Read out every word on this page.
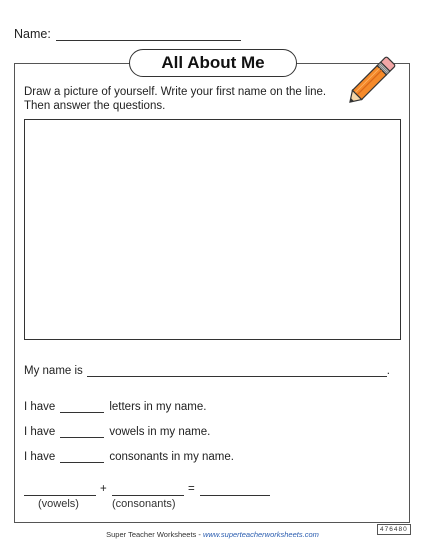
Name:
All About Me
Draw a picture of yourself. Write your first name on the line.
Then answer the questions.
My name is	.
I have	letters in my name.
I have	vowels in my name.
I have	consonants in my name.
+	=
(vowels)	(consonants)
Super Teacher Worksheets - www.superteacherworksheets.com
476480
